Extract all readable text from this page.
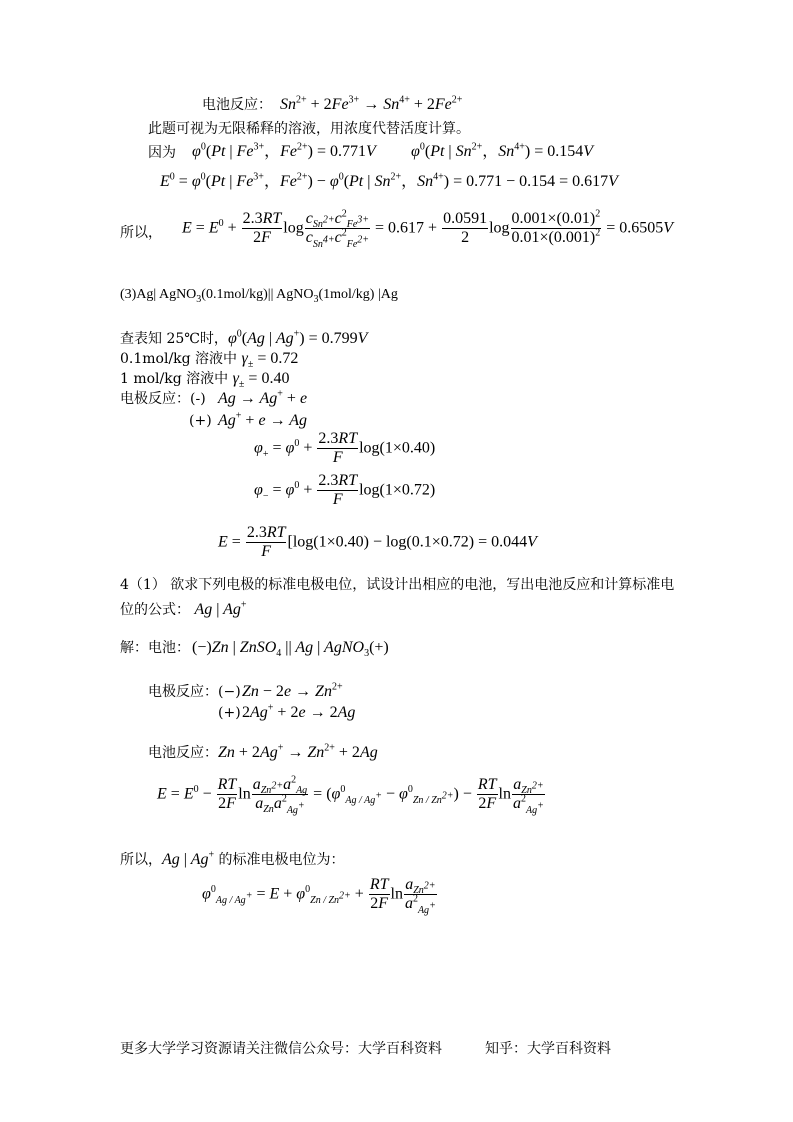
电池反应： $Sn^{2+} + 2Fe^{3+} \to Sn^{4+} + 2Fe^{2+}$
此题可视为无限稀释的溶液，用浓度代替活度计算。
因为 $\varphi^0(Pt$ | $Fe^{3+}$，$Fe^{2+}) = 0.771V$ $\varphi^0(Pt$ | $Sn^{2+}$，$Sn^{4+}) = 0.154V$
$E^0 = \varphi^0(Pt$ | $Fe^{3+}$，$Fe^{2+}) - \varphi^0(Pt$ | $Sn^{2+}$，$Sn^{4+}) = 0.771 - 0.154 = 0.617V$
所以， $E = E^0 + \frac{2.3RT}{2F}$ $\log \frac{c_{Sn^{2+}}c^2_{Fe^{3+}}}{c_{Sn^{4+}}c^2_{Fe^{2+}}} = 0.617 + \frac{0.0591}{2}$ $\log \frac{0.001\times(0.01)^2}{0.01\times(0.001)^2} = 0.6505V$
(3)Ag| AgNO$_3$(0.1mol/kg)|| AgNO$_3$(1mol/kg) |Ag
查表知 25℃时，$\varphi^0(Ag$ | Ag+) = 0.799V
0.1mol/kg 溶液中 $\gamma_\pm = 0.72$
1 mol/kg 溶液中 $\gamma_\pm = 0.40$
电极反应：(-) Ag → Ag+ + e
(+) Ag+ + e → Ag
$\varphi_+ = \varphi^0 + \frac{2.3RT}{F} \log(1\times 0.40)$
$\varphi_- = \varphi^0 + \frac{2.3RT}{F} \log(1\times 0.72)$
$E = \frac{2.3RT}{F} [\log(1\times 0.40) - \log(0.1\times 0.72) = 0.044V$
4（1） 欲求下列电极的标准电极电位，试设计出相应的电池，写出电池反应和计算标准电
位的公式： Ag | Ag+
解：电池： (−)Zn | ZnSO$_4$ || Ag | AgNO$_3$(+)
电极反应：(−) $Zn - 2e \to Zn^{2+}$
(+) 2Ag+ + 2e → 2Ag
电池反应： $Zn + 2Ag^+ \to Zn^{2+} + 2Ag$
$E = E^0 - \frac{RT}{2F}$ $\ln \frac{a_{Zn^{2+}}a^2_{Ag}}{a_{Zn}a^2_{Ag^+}} = (\varphi^0_{Ag / Ag^+} - \varphi^0_{Zn / Zn^{2+}}) - \frac{RT}{2F}$ $\ln \frac{a_{Zn^{2+}}}{a^2_{Ag^+}}$
所以，Ag | Ag+ 的标准电极电位为：
$\varphi^0_{Ag / Ag^+} = E + \varphi^0_{Zn / Zn^{2+}} + \frac{RT}{2F}$ $\ln \frac{a_{Zn^{2+}}}{a^2_{Ag^+}}$
更多大学学习资源请关注微信公众号：大学百科资料	知乎：大学百科资料
